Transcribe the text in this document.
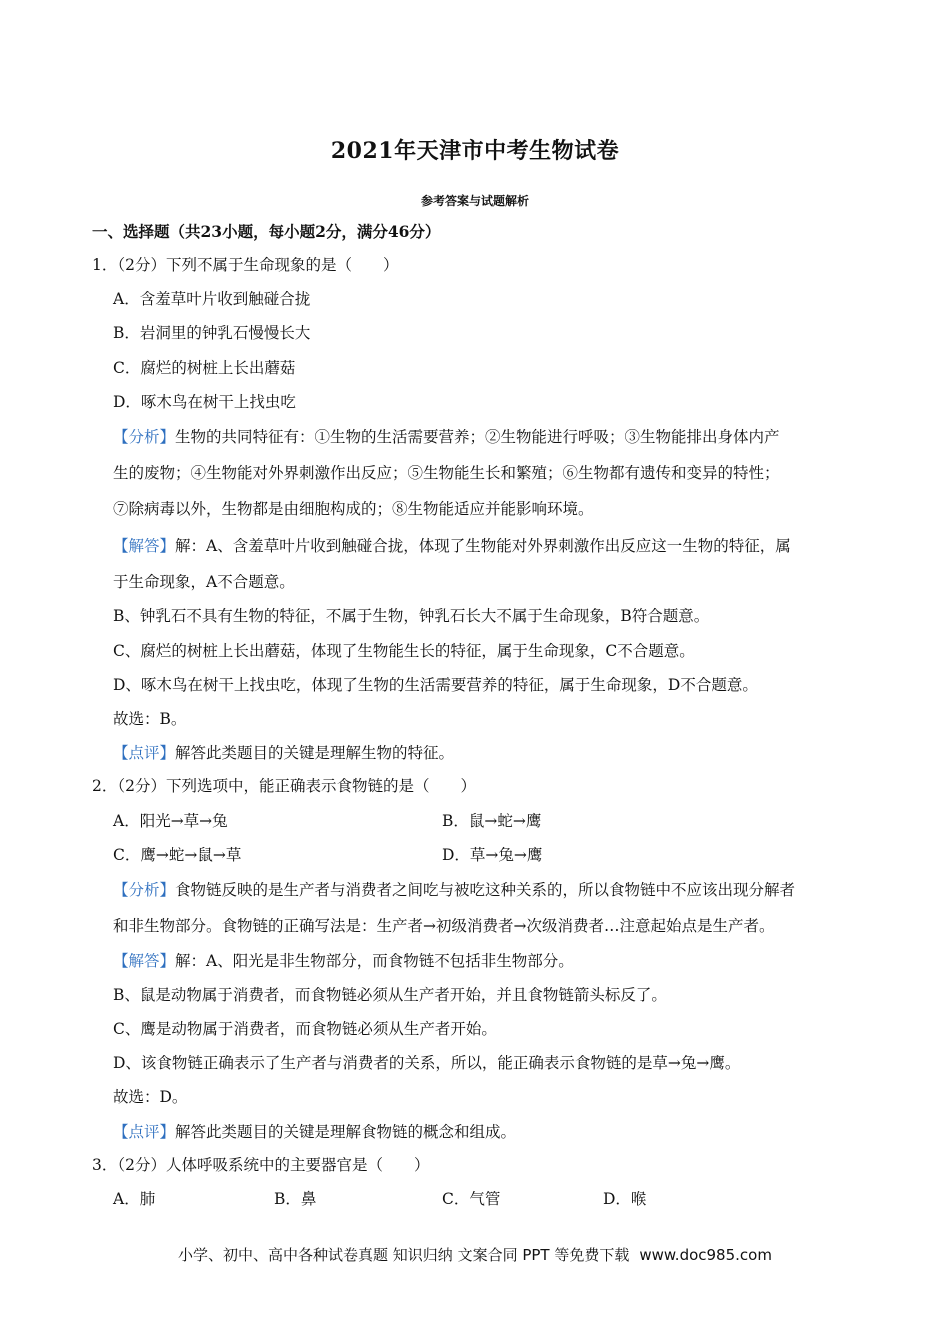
2021年天津市中考生物试卷
参考答案与试题解析
一、选择题（共23小题，每小题2分，满分46分）
1．（2分）下列不属于生命现象的是（　　）
A．含羞草叶片收到触碰合拢
B．岩洞里的钟乳石慢慢长大
C．腐烂的树桩上长出蘑菇
D．啄木鸟在树干上找虫吃
【分析】生物的共同特征有：①生物的生活需要营养；②生物能进行呼吸；③生物能排出身体内产
生的废物；④生物能对外界刺激作出反应；⑤生物能生长和繁殖；⑥生物都有遗传和变异的特性；
⑦除病毒以外，生物都是由细胞构成的；⑧生物能适应并能影响环境。
【解答】解：A、含羞草叶片收到触碰合拢，体现了生物能对外界刺激作出反应这一生物的特征，属
于生命现象，A不合题意。
B、钟乳石不具有生物的特征，不属于生物，钟乳石长大不属于生命现象，B符合题意。
C、腐烂的树桩上长出蘑菇，体现了生物能生长的特征，属于生命现象，C不合题意。
D、啄木鸟在树干上找虫吃，体现了生物的生活需要营养的特征，属于生命现象，D不合题意。
故选：B。
【点评】解答此类题目的关键是理解生物的特征。
2．（2分）下列选项中，能正确表示食物链的是（　　）
A．阳光→草→兔	B．鼠→蛇→鹰
C．鹰→蛇→鼠→草	D．草→兔→鹰
【分析】食物链反映的是生产者与消费者之间吃与被吃这种关系的，所以食物链中不应该出现分解者
和非生物部分。食物链的正确写法是：生产者→初级消费者→次级消费者…注意起始点是生产者。
【解答】解：A、阳光是非生物部分，而食物链不包括非生物部分。
B、鼠是动物属于消费者，而食物链必须从生产者开始，并且食物链箭头标反了。
C、鹰是动物属于消费者，而食物链必须从生产者开始。
D、该食物链正确表示了生产者与消费者的关系，所以，能正确表示食物链的是草→兔→鹰。
故选：D。
【点评】解答此类题目的关键是理解食物链的概念和组成。
3．（2分）人体呼吸系统中的主要器官是（　　）
A．肺	B．鼻	C．气管	D．喉
小学、初中、高中各种试卷真题 知识归纳 文案合同 PPT 等免费下载 www.doc985.com
